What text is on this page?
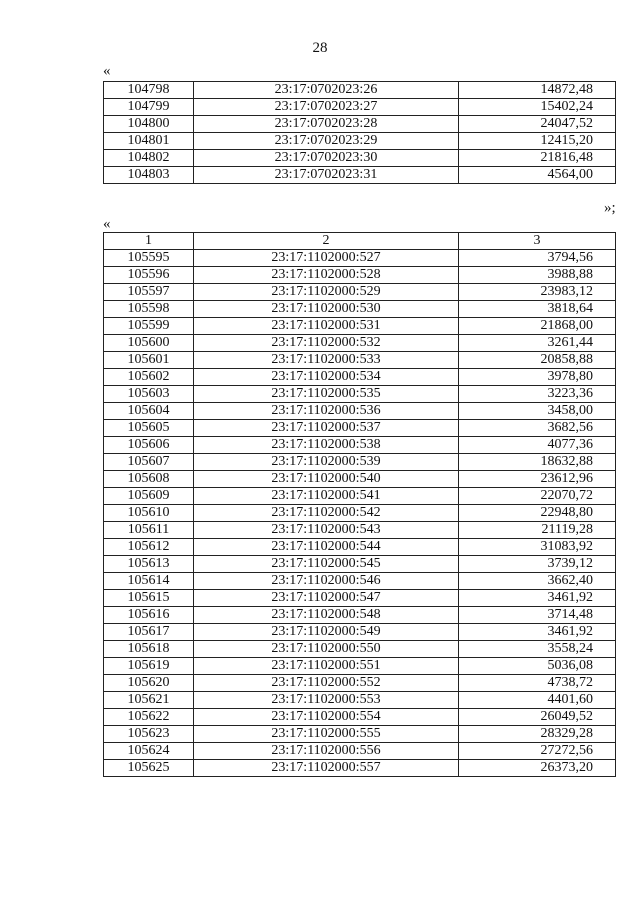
28
«
104798	23:17:0702023:26	14872,48
104799	23:17:0702023:27	15402,24
104800	23:17:0702023:28	24047,52
104801	23:17:0702023:29	12415,20
104802	23:17:0702023:30	21816,48
104803	23:17:0702023:31	4564,00
»;
«
1	2	3
105595	23:17:1102000:527	3794,56
105596	23:17:1102000:528	3988,88
105597	23:17:1102000:529	23983,12
105598	23:17:1102000:530	3818,64
105599	23:17:1102000:531	21868,00
105600	23:17:1102000:532	3261,44
105601	23:17:1102000:533	20858,88
105602	23:17:1102000:534	3978,80
105603	23:17:1102000:535	3223,36
105604	23:17:1102000:536	3458,00
105605	23:17:1102000:537	3682,56
105606	23:17:1102000:538	4077,36
105607	23:17:1102000:539	18632,88
105608	23:17:1102000:540	23612,96
105609	23:17:1102000:541	22070,72
105610	23:17:1102000:542	22948,80
105611	23:17:1102000:543	21119,28
105612	23:17:1102000:544	31083,92
105613	23:17:1102000:545	3739,12
105614	23:17:1102000:546	3662,40
105615	23:17:1102000:547	3461,92
105616	23:17:1102000:548	3714,48
105617	23:17:1102000:549	3461,92
105618	23:17:1102000:550	3558,24
105619	23:17:1102000:551	5036,08
105620	23:17:1102000:552	4738,72
105621	23:17:1102000:553	4401,60
105622	23:17:1102000:554	26049,52
105623	23:17:1102000:555	28329,28
105624	23:17:1102000:556	27272,56
105625	23:17:1102000:557	26373,20
